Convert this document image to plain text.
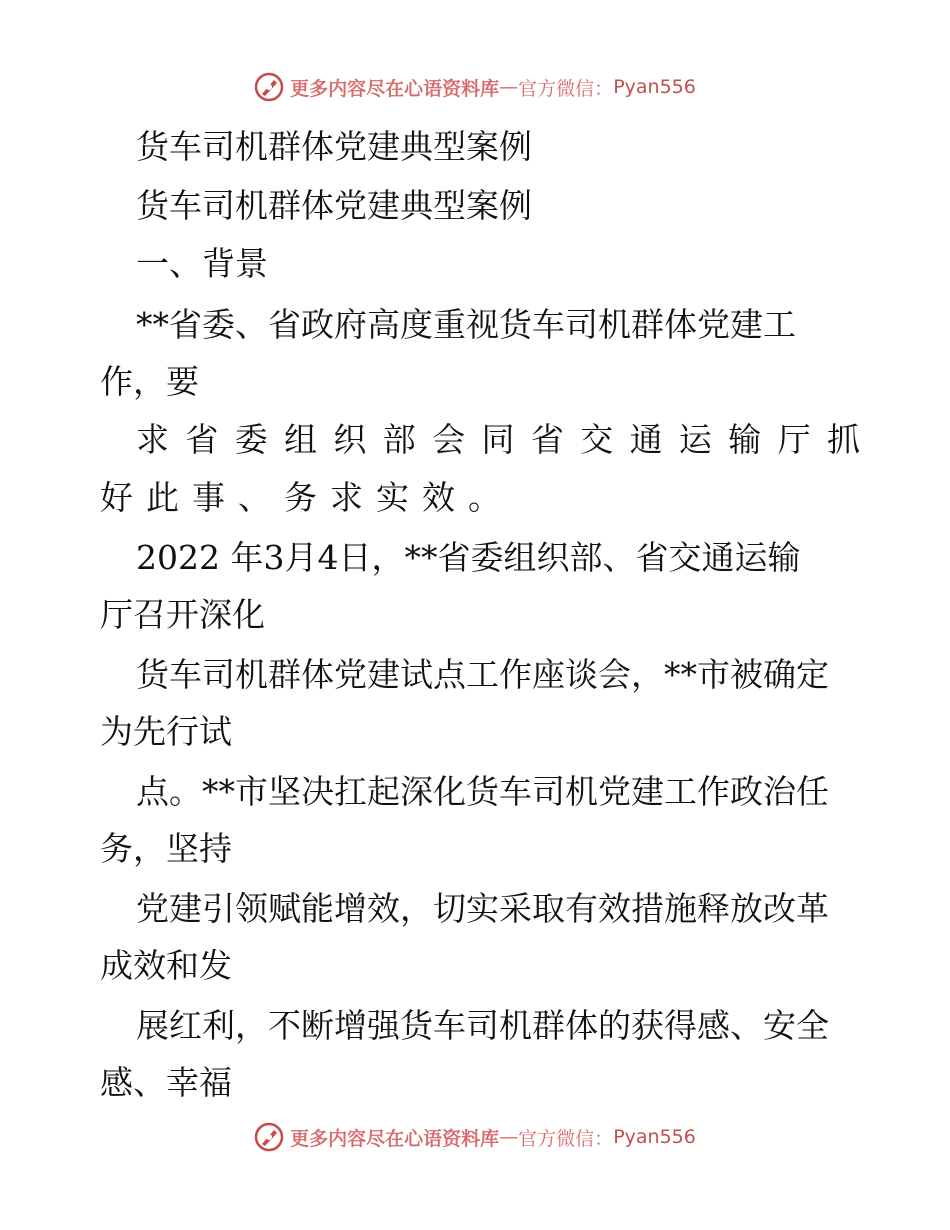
更多内容尽在心语资料库 — 官方微信： Pyan556
货车司机群体党建典型案例
货车司机群体党建典型案例
一、背景
**省委、省政府高度重视货车司机群体党建工
作，要
求省委组织部会同省交通运输厅抓
好此事、务求实效。
2022 年3月4日，**省委组织部、省交通运输
厅召开深化
货车司机群体党建试点工作座谈会，**市被确定
为先行试
点。**市坚决扛起深化货车司机党建工作政治任
务，坚持
党建引领赋能增效，切实采取有效措施释放改革
成效和发
展红利，不断增强货车司机群体的获得感、安全
感、幸福
更多内容尽在心语资料库 — 官方微信： Pyan556
